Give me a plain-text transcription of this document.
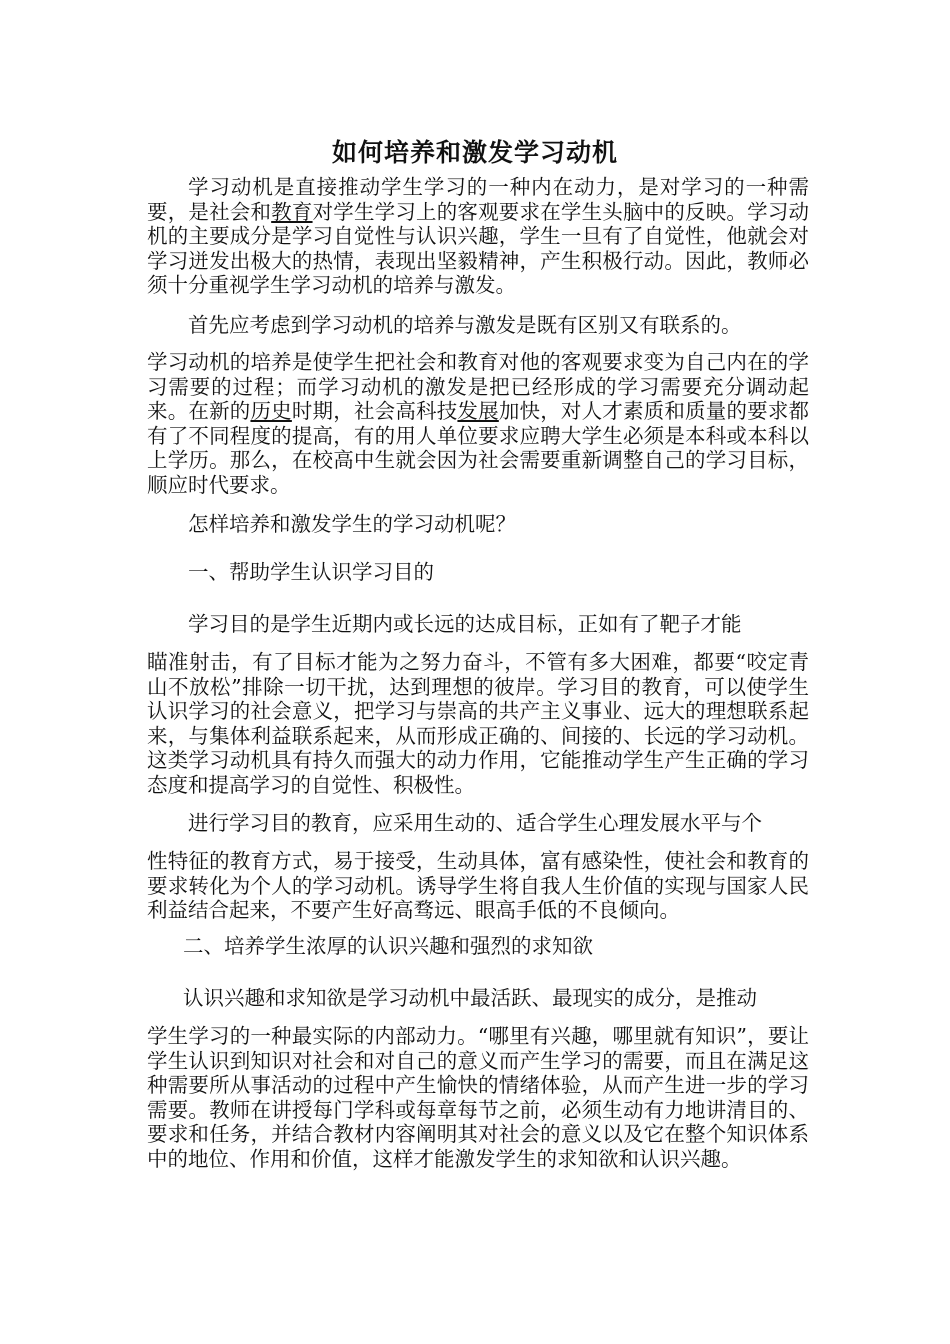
如何培养和激发学习动机

学习动机是直接推动学生学习的一种内在动力，是对学习的一种需要，是社会和教育对学生学习上的客观要求在学生头脑中的反映。学习动机的主要成分是学习自觉性与认识兴趣，学生一旦有了自觉性，他就会对学习迸发出极大的热情，表现出坚毅精神，产生积极行动。因此，教师必须十分重视学生学习动机的培养与激发。

首先应考虑到学习动机的培养与激发是既有区别又有联系的。

学习动机的培养是使学生把社会和教育对他的客观要求变为自己内在的学习需要的过程；而学习动机的激发是把已经形成的学习需要充分调动起来。在新的历史时期，社会高科技发展加快，对人才素质和质量的要求都有了不同程度的提高，有的用人单位要求应聘大学生必须是本科或本科以上学历。那么，在校高中生就会因为社会需要重新调整自己的学习目标，顺应时代要求。

怎样培养和激发学生的学习动机呢？
一、帮助学生认识学习目的
学习目的是学生近期内或长远的达成目标，正如有了靶子才能
瞄准射击，有了目标才能为之努力奋斗，不管有多大困难，都要“咬定青山不放松”排除一切干扰，达到理想的彼岸。学习目的教育，可以使学生认识学习的社会意义，把学习与崇高的共产主义事业、远大的理想联系起来，与集体利益联系起来，从而形成正确的、间接的、长远的学习动机。这类学习动机具有持久而强大的动力作用，它能推动学生产生正确的学习态度和提高学习的自觉性、积极性。
进行学习目的教育，应采用生动的、适合学生心理发展水平与个
性特征的教育方式，易于接受，生动具体，富有感染性，使社会和教育的要求转化为个人的学习动机。诱导学生将自我人生价值的实现与国家人民利益结合起来，不要产生好高骛远、眼高手低的不良倾向。
二、培养学生浓厚的认识兴趣和强烈的求知欲
认识兴趣和求知欲是学习动机中最活跃、最现实的成分，是推动
学生学习的一种最实际的内部动力。“哪里有兴趣，哪里就有知识”，要让学生认识到知识对社会和对自己的意义而产生学习的需要，而且在满足这种需要所从事活动的过程中产生愉快的情绪体验，从而产生进一步的学习需要。教师在讲授每门学科或每章每节之前，必须生动有力地讲清目的、要求和任务，并结合教材内容阐明其对社会的意义以及它在整个知识体系中的地位、作用和价值，这样才能激发学生的求知欲和认识兴趣。
